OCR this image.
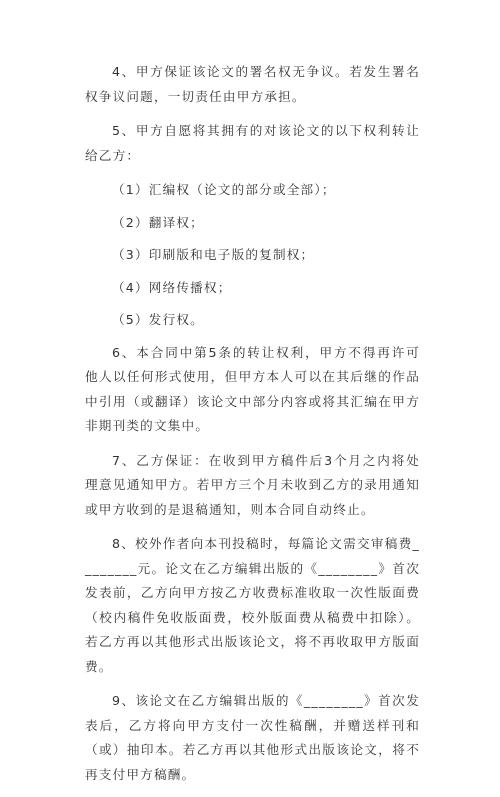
4、甲方保证该论文的署名权无争议。若发生署名权争议问题，一切责任由甲方承担。

5、甲方自愿将其拥有的对该论文的以下权利转让给乙方：

（1）汇编权（论文的部分或全部）；
（2）翻译权；
（3）印刷版和电子版的复制权；
（4）网络传播权；
（5）发行权。

6、本合同中第5条的转让权利，甲方不得再许可他人以任何形式使用，但甲方本人可以在其后继的作品中引用（或翻译）该论文中部分内容或将其汇编在甲方非期刊类的文集中。

7、乙方保证：在收到甲方稿件后3个月之内将处理意见通知甲方。若甲方三个月未收到乙方的录用通知或甲方收到的是退稿通知，则本合同自动终止。

8、校外作者向本刊投稿时，每篇论文需交审稿费________元。论文在乙方编辑出版的《________》首次发表前，乙方向甲方按乙方收费标准收取一次性版面费（校内稿件免收版面费，校外版面费从稿费中扣除）。若乙方再以其他形式出版该论文，将不再收取甲方版面费。

9、该论文在乙方编辑出版的《________》首次发表后，乙方将向甲方支付一次性稿酬，并赠送样刊和（或）抽印本。若乙方再以其他形式出版该论文，将不再支付甲方稿酬。
